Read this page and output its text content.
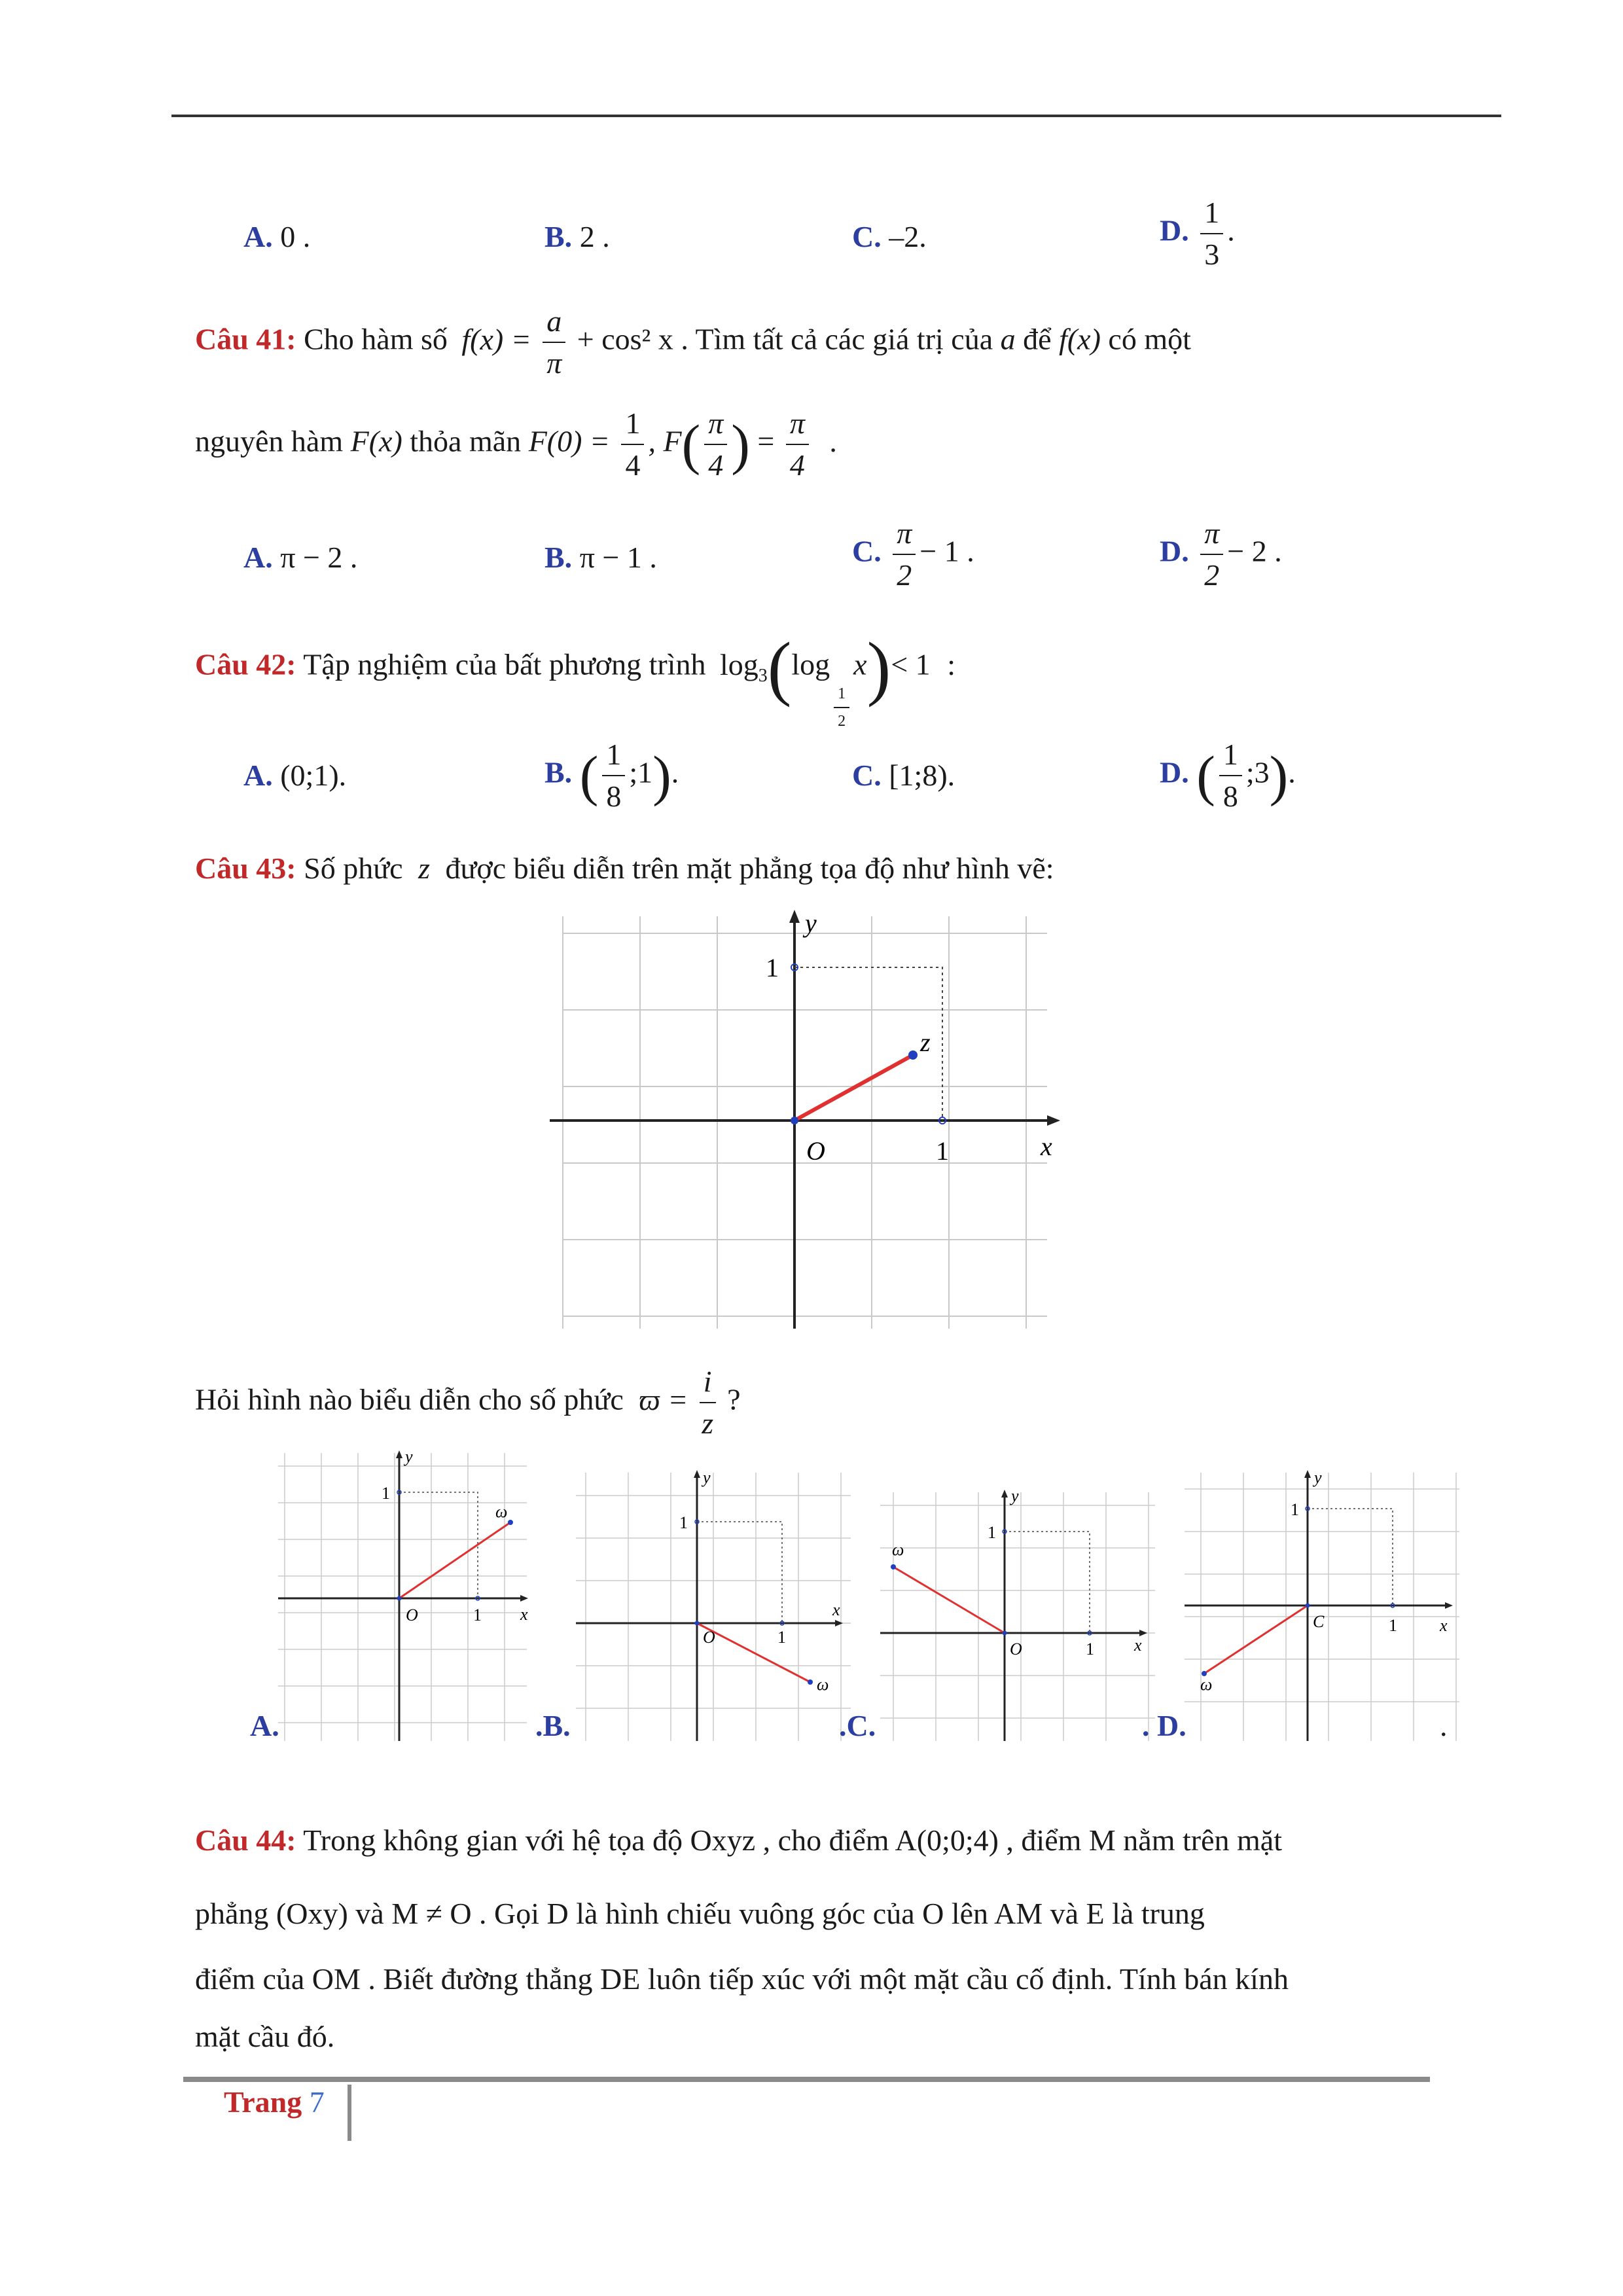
A. 0 .	B. 2 .	C. –2.	D. $\frac{1}{3}$ .
Câu 41: Cho hàm số $f(x) = \frac{a}{\pi} + \cos^2$ x . Tìm tất cả các giá trị của a để f(x) có một
nguyên hàm F(x) thỏa mãn $F(0) = \frac{1}{4}$ , $F( \frac{\pi}{4}$ ) = $\frac{\pi}{4}$ .
A. π − 2 .	B. π − 1 .	C. $\frac{\pi}{2} - 1$ .	D. $\frac{\pi}{2} - 2$ .
Câu 42: Tập nghiệm của bất phương trình $\log_3(\log$
$\frac{1}{2}$
x)< 1 :
A. (0;1).	B. ( $\frac{1}{8}$ ;1).	C. [1;8).	D. ( $\frac{1}{8}$ ;3).
Câu 43: Số phức z được biểu diễn trên mặt phẳng tọa độ như hình vẽ:
y
x
O	1
1
z
Hỏi hình nào biểu diễn cho số phức $ϖ = \frac{i}{z}$ ?
y
x
O	1
1
ω
y
x
O	1
1
ω
y
x
O	1
1
ω
y
x
C	1
1
ω
A.	.B.	.C.	. D.	.
Câu 44: Trong không gian với hệ tọa độ Oxyz , cho điểm A(0;0;4) , điểm M nằm trên mặt
phẳng (Oxy) và M ≠ O . Gọi D là hình chiếu vuông góc của O lên AM và E là trung
điểm của OM . Biết đường thẳng DE luôn tiếp xúc với một mặt cầu cố định. Tính bán kính
mặt cầu đó.
Trang 7
